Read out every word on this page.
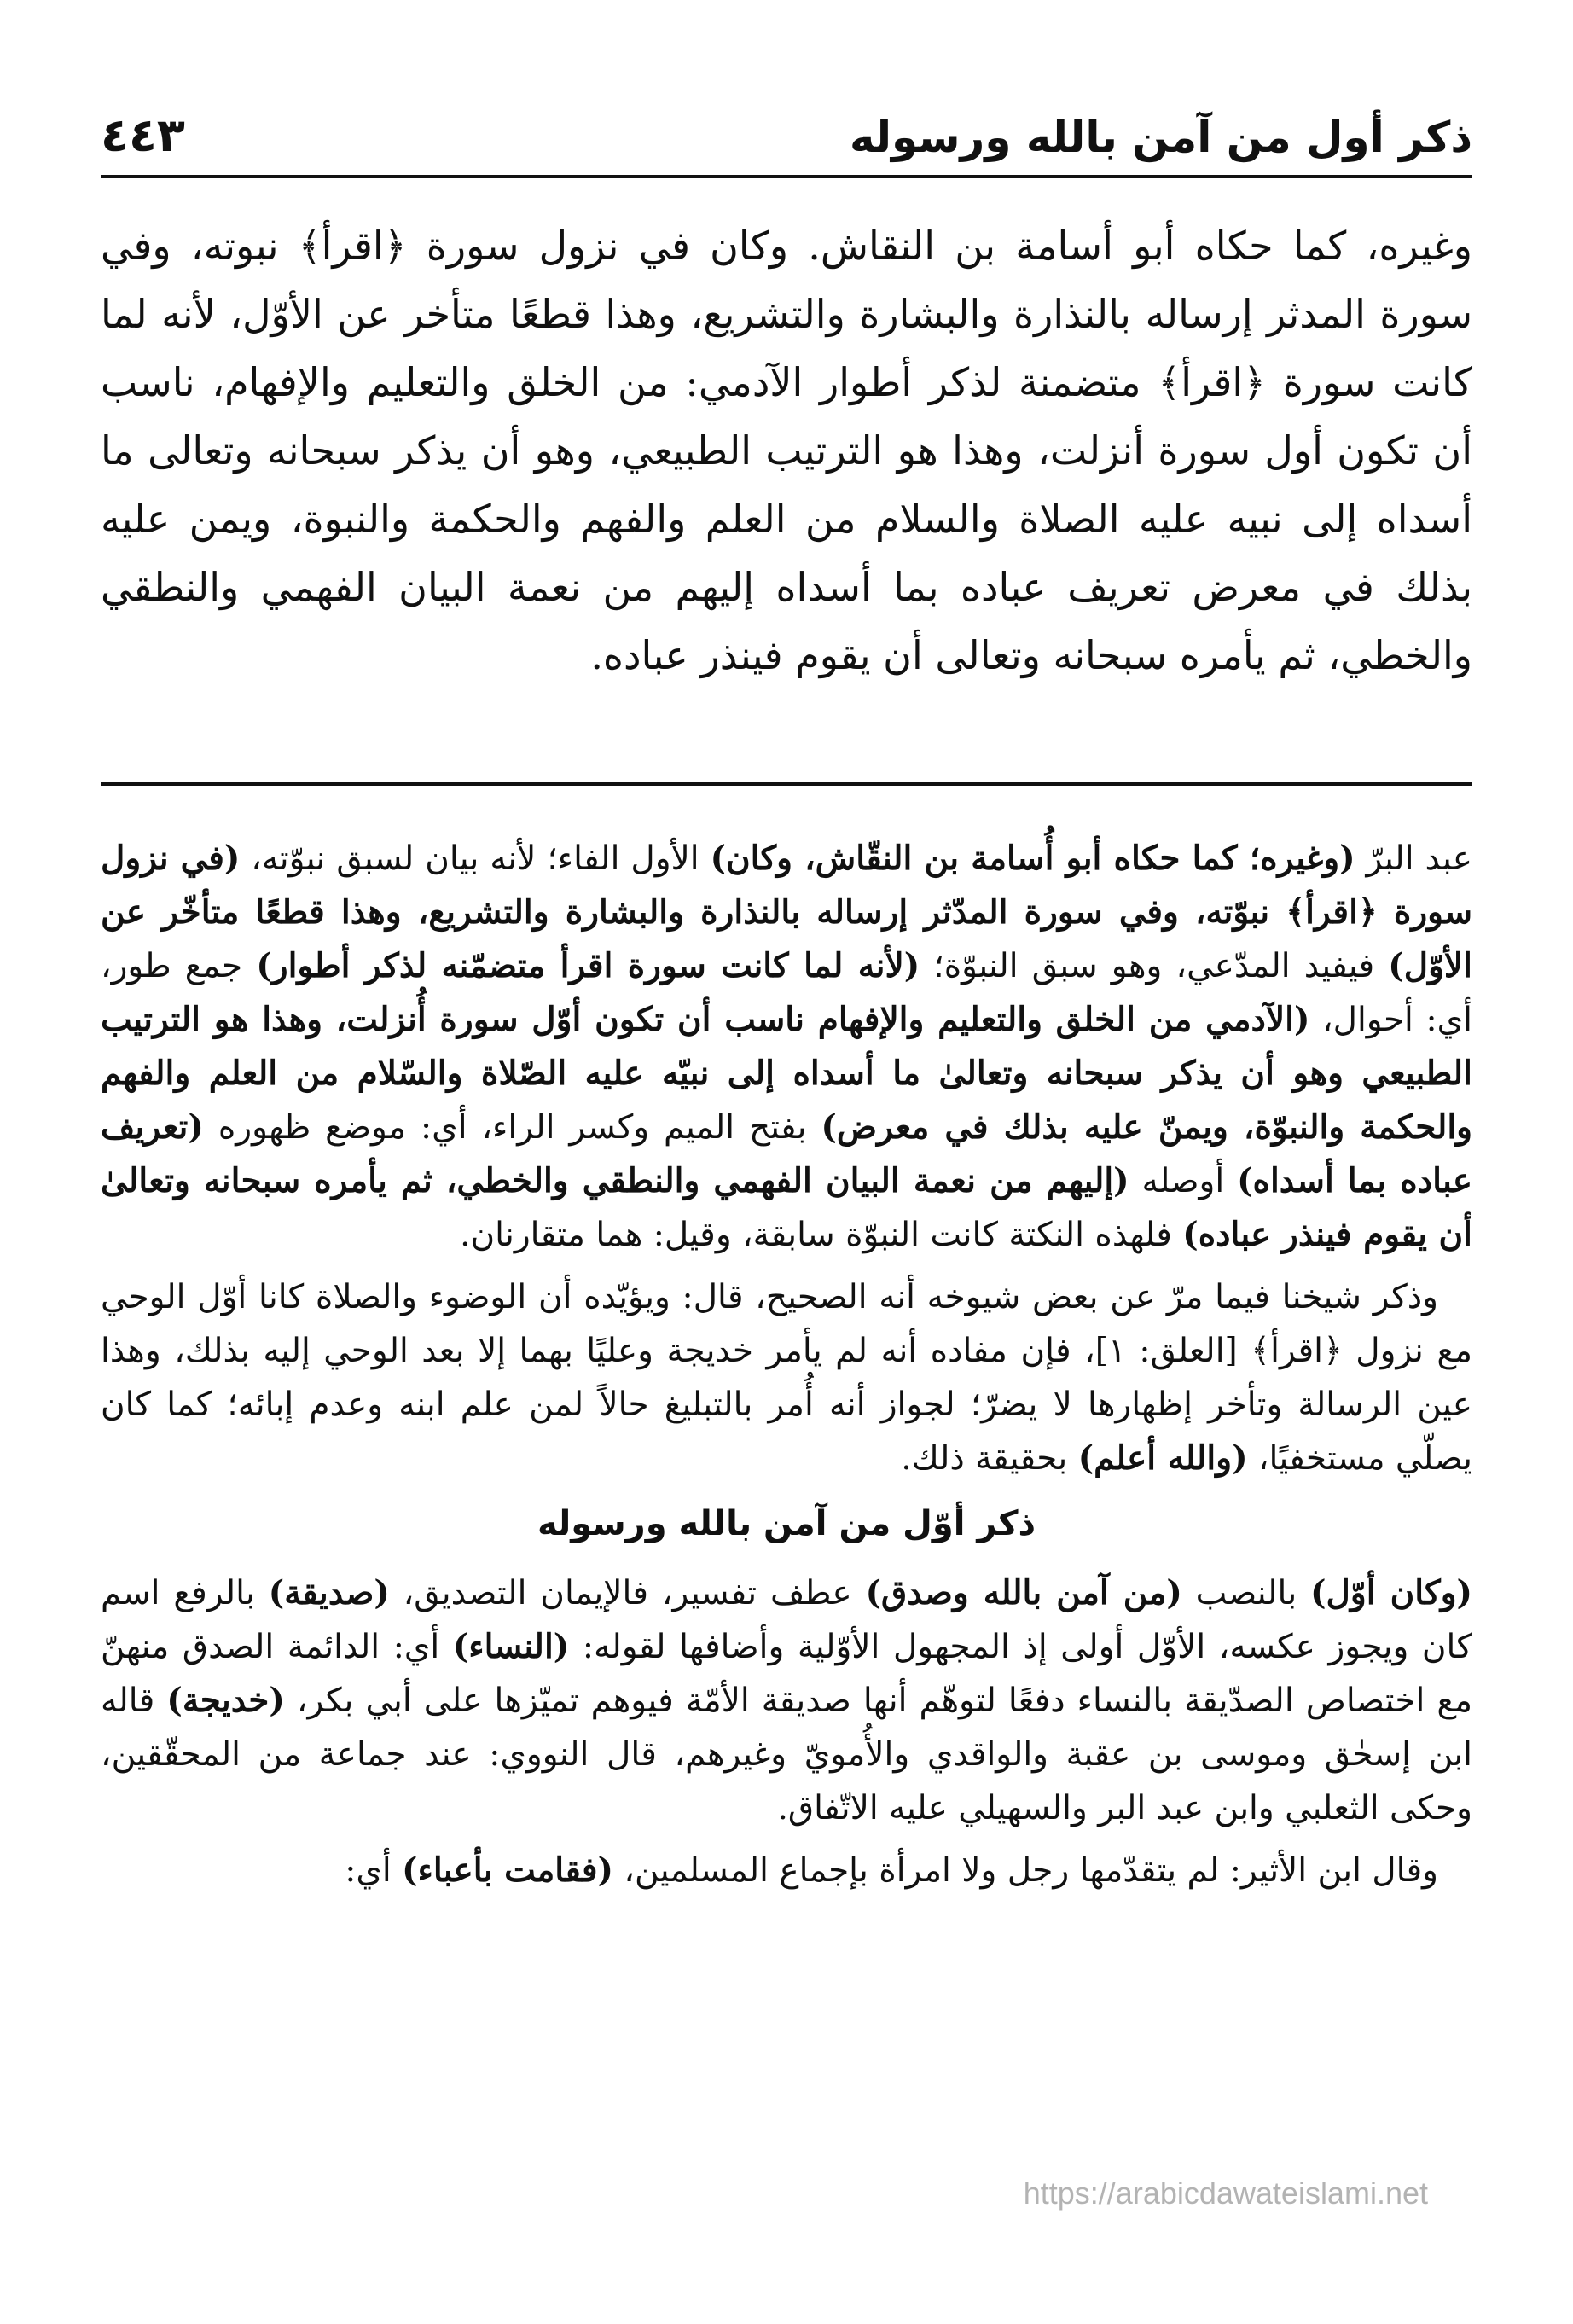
ذكر أول من آمن بالله ورسوله
٤٤٣
وغيره، كما حكاه أبو أسامة بن النقاش. وكان في نزول سورة ﴿اقرأ﴾ نبوته، وفي سورة المدثر إرساله بالنذارة والبشارة والتشريع، وهذا قطعًا متأخر عن الأوّل، لأنه لما كانت سورة ﴿اقرأ﴾ متضمنة لذكر أطوار الآدمي: من الخلق والتعليم والإفهام، ناسب أن تكون أول سورة أنزلت، وهذا هو الترتيب الطبيعي، وهو أن يذكر سبحانه وتعالى ما أسداه إلى نبيه عليه الصلاة والسلام من العلم والفهم والحكمة والنبوة، ويمن عليه بذلك في معرض تعريف عباده بما أسداه إليهم من نعمة البيان الفهمي والنطقي والخطي، ثم يأمره سبحانه وتعالى أن يقوم فينذر عباده.

عبد البرّ (وغيره؛ كما حكاه أبو أُسامة بن النقّاش، وكان) الأول الفاء؛ لأنه بيان لسبق نبوّته، (في نزول سورة ﴿اقرأ﴾ نبوّته، وفي سورة المدّثر إرساله بالنذارة والبشارة والتشريع، وهذا قطعًا متأخّر عن الأوّل) فيفيد المدّعي، وهو سبق النبوّة؛ (لأنه لما كانت سورة اقرأ متضمّنه لذكر أطوار) جمع طور، أي: أحوال، (الآدمي من الخلق والتعليم والإفهام ناسب أن تكون أوّل سورة أُنزلت، وهذا هو الترتيب الطبيعي وهو أن يذكر سبحانه وتعالىٰ ما أسداه إلى نبيّه عليه الصّلاة والسّلام من العلم والفهم والحكمة والنبوّة، ويمنّ عليه بذلك في معرض) بفتح الميم وكسر الراء، أي: موضع ظهوره (تعريف عباده بما أسداه) أوصله (إليهم من نعمة البيان الفهمي والنطقي والخطي، ثم يأمره سبحانه وتعالىٰ أن يقوم فينذر عباده) فلهذه النكتة كانت النبوّة سابقة، وقيل: هما متقارنان.

وذكر شيخنا فيما مرّ عن بعض شيوخه أنه الصحيح، قال: ويؤيّده أن الوضوء والصلاة كانا أوّل الوحي مع نزول ﴿اقرأ﴾ [العلق: ١]، فإن مفاده أنه لم يأمر خديجة وعليًا بهما إلا بعد الوحي إليه بذلك، وهذا عين الرسالة وتأخر إظهارها لا يضرّ؛ لجواز أنه أُمر بالتبليغ حالاً لمن علم ابنه وعدم إبائه؛ كما كان يصلّي مستخفيًا، (والله أعلم) بحقيقة ذلك.

ذكر أوّل من آمن بالله ورسوله

(وكان أوّل) بالنصب (من آمن بالله وصدق) عطف تفسير، فالإيمان التصديق، (صديقة) بالرفع اسم كان ويجوز عكسه، الأوّل أولى إذ المجهول الأوّلية وأضافها لقوله: (النساء) أي: الدائمة الصدق منهنّ مع اختصاص الصدّيقة بالنساء دفعًا لتوهّم أنها صديقة الأمّة فيوهم تميّزها على أبي بكر، (خديجة) قاله ابن إسحٰق وموسى بن عقبة والواقدي والأُمويّ وغيرهم، قال النووي: عند جماعة من المحقّقين، وحكى الثعلبي وابن عبد البر والسهيلي عليه الاتّفاق.

وقال ابن الأثير: لم يتقدّمها رجل ولا امرأة بإجماع المسلمين، (فقامت بأعباء) أي:

https://arabicdawateislami.net
